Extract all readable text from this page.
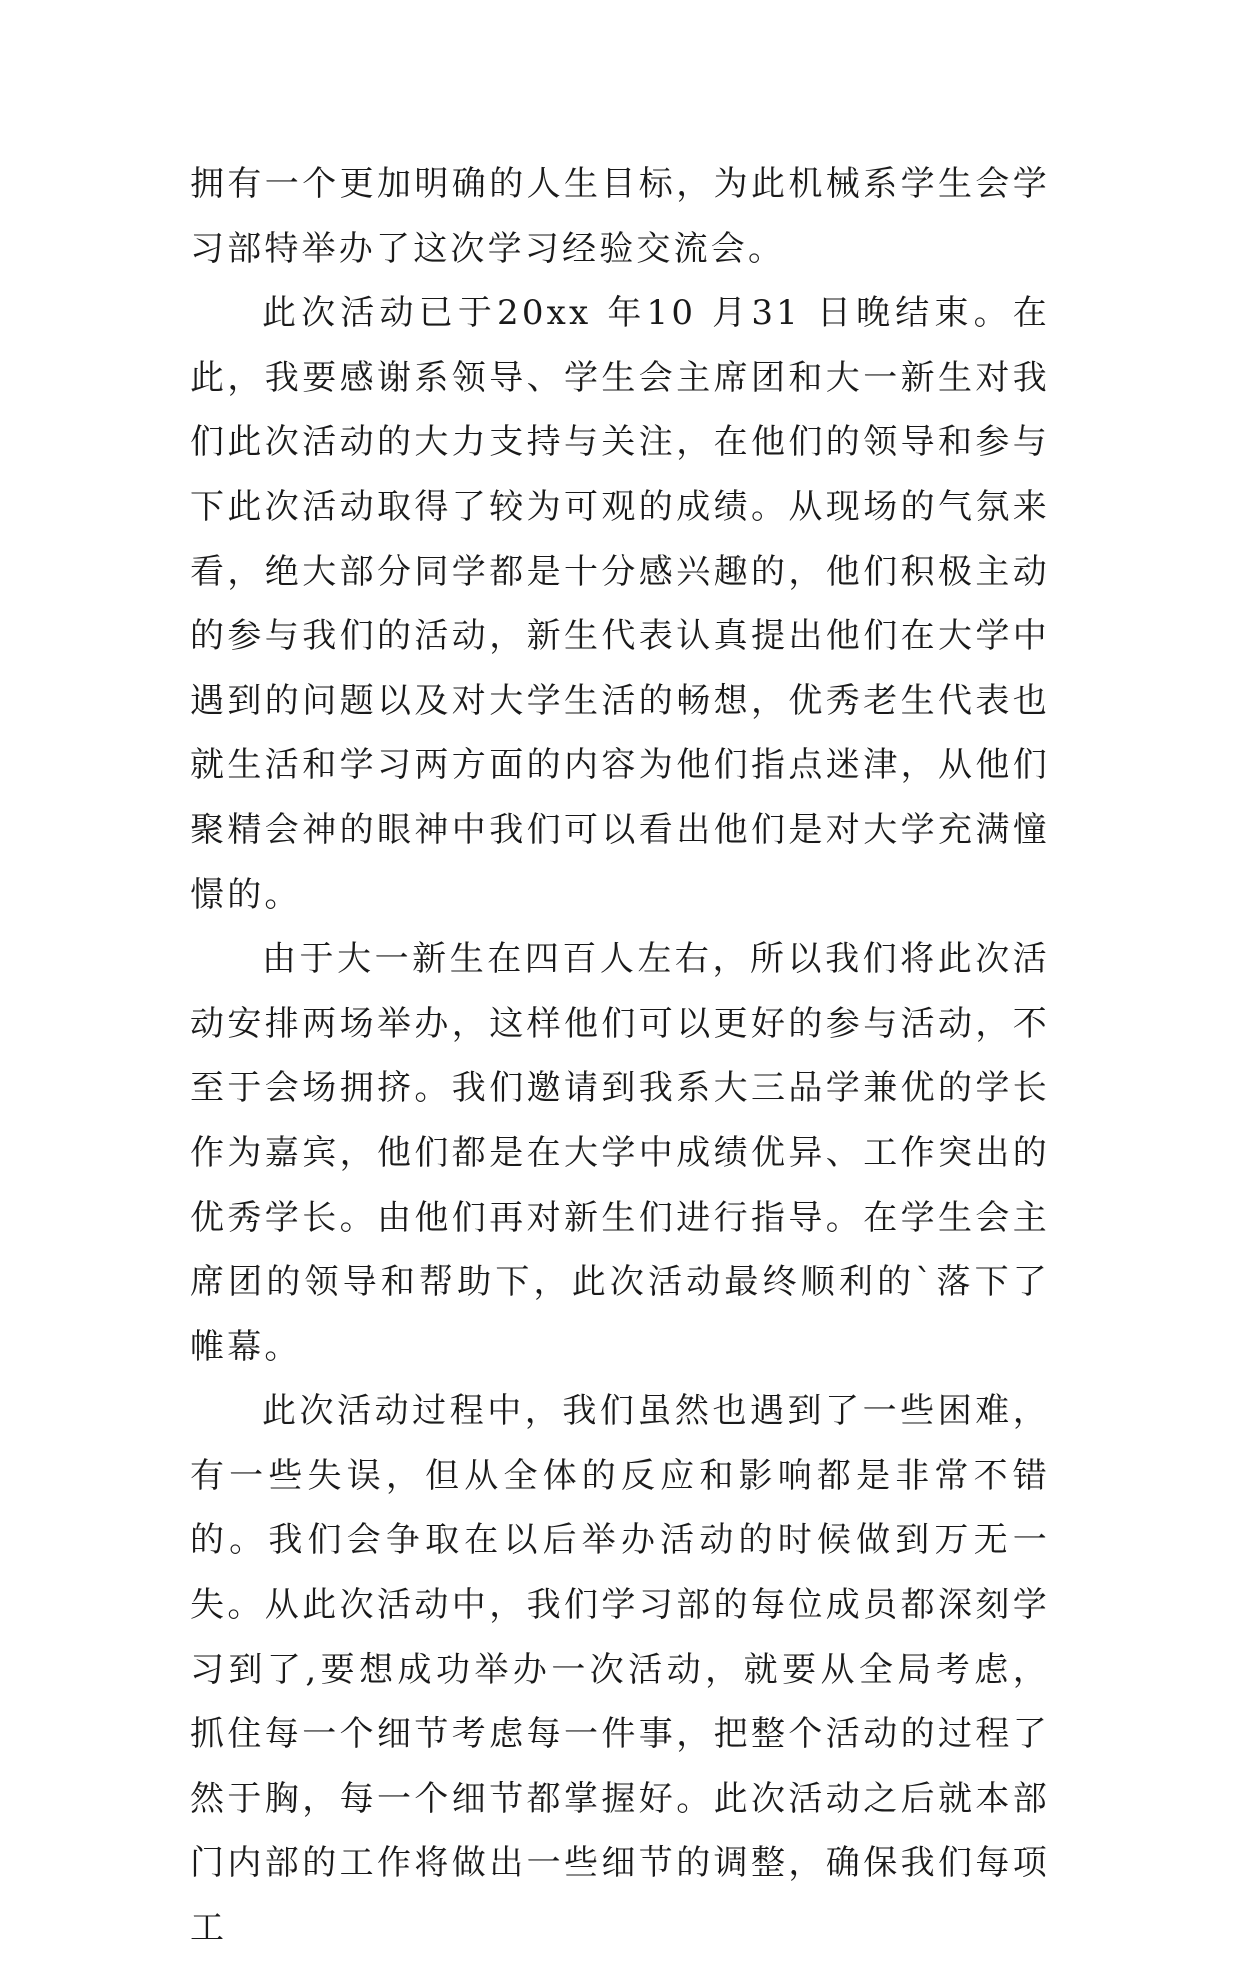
拥有一个更加明确的人生目标，为此机械系学生会学习部特举办了这次学习经验交流会。

此次活动已于20xx 年10 月31 日晚结束。在此，我要感谢系领导、学生会主席团和大一新生对我们此次活动的大力支持与关注，在他们的领导和参与下此次活动取得了较为可观的成绩。从现场的气氛来看，绝大部分同学都是十分感兴趣的，他们积极主动的参与我们的活动，新生代表认真提出他们在大学中遇到的问题以及对大学生活的畅想，优秀老生代表也就生活和学习两方面的内容为他们指点迷津，从他们聚精会神的眼神中我们可以看出他们是对大学充满憧憬的。

由于大一新生在四百人左右，所以我们将此次活动安排两场举办，这样他们可以更好的参与活动，不至于会场拥挤。我们邀请到我系大三品学兼优的学长作为嘉宾，他们都是在大学中成绩优异、工作突出的优秀学长。由他们再对新生们进行指导。在学生会主席团的领导和帮助下，此次活动最终顺利的`落下了帷幕。

此次活动过程中，我们虽然也遇到了一些困难，有一些失误，但从全体的反应和影响都是非常不错的。我们会争取在以后举办活动的时候做到万无一失。从此次活动中，我们学习部的每位成员都深刻学习到了,要想成功举办一次活动，就要从全局考虑，抓住每一个细节考虑每一件事，把整个活动的过程了然于胸，每一个细节都掌握好。此次活动之后就本部门内部的工作将做出一些细节的调整，确保我们每项工
